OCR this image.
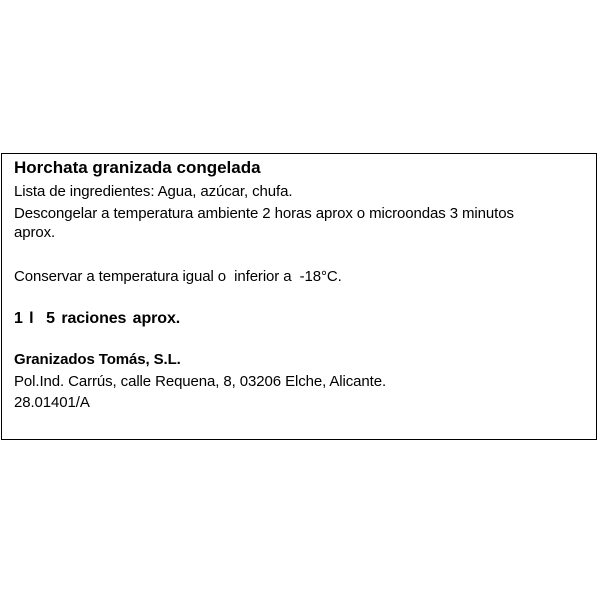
Horchata granizada congelada
Lista de ingredientes: Agua, azúcar, chufa.
Descongelar a temperatura ambiente 2 horas aprox o microondas 3 minutos
aprox.
Conservar a temperatura igual o  inferior a  -18°C.
1 l  5 raciones aprox.
Granizados Tomás, S.L.
Pol.Ind. Carrús, calle Requena, 8, 03206 Elche, Alicante.
28.01401/A
